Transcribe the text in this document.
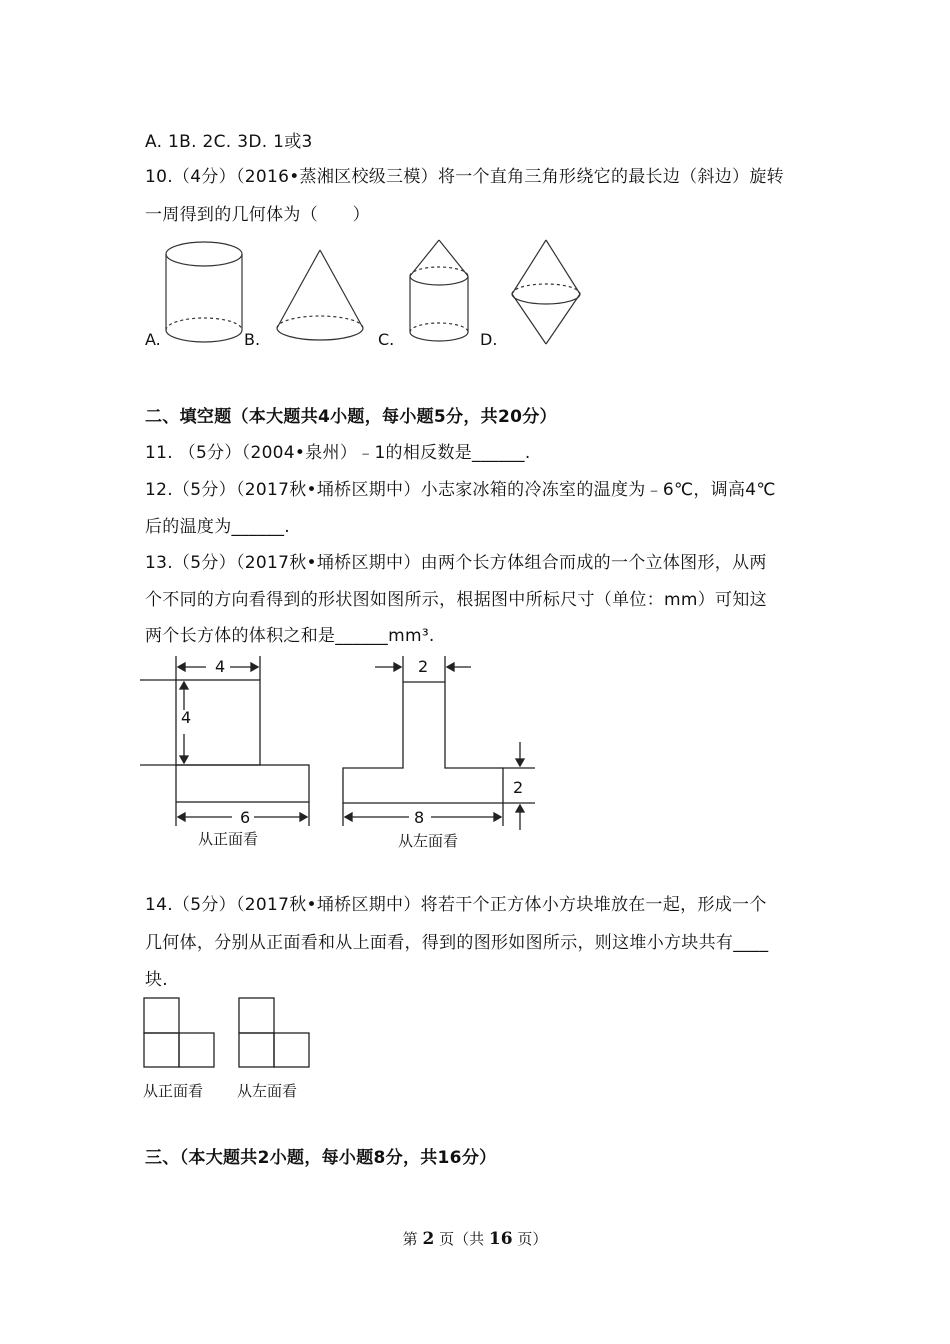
A. 1B. 2C. 3D. 1或3
10.（4分）（2016•蒸湘区校级三模）将一个直角三角形绕它的最长边（斜边）旋转
一周得到的几何体为（　　）
A.	B.	C.	D.
二、填空题（本大题共4小题，每小题5分，共20分）
11. （5分）（2004•泉州）﹣1的相反数是______.
12.（5分）（2017秋•埇桥区期中）小志家冰箱的冷冻室的温度为﹣6℃，调高4℃
后的温度为______.
13.（5分）（2017秋•埇桥区期中）由两个长方体组合而成的一个立体图形，从两
个不同的方向看得到的形状图如图所示，根据图中所标尺寸（单位：mm）可知这
两个长方体的体积之和是______mm³.
4
4
6
从正面看
2
2
8
从左面看
14.（5分）（2017秋•埇桥区期中）将若干个正方体小方块堆放在一起，形成一个
几何体，分别从正面看和从上面看，得到的图形如图所示，则这堆小方块共有____
块.
从正面看 从左面看
三、（本大题共2小题，每小题8分，共16分）
第 2 页（共 16 页）
